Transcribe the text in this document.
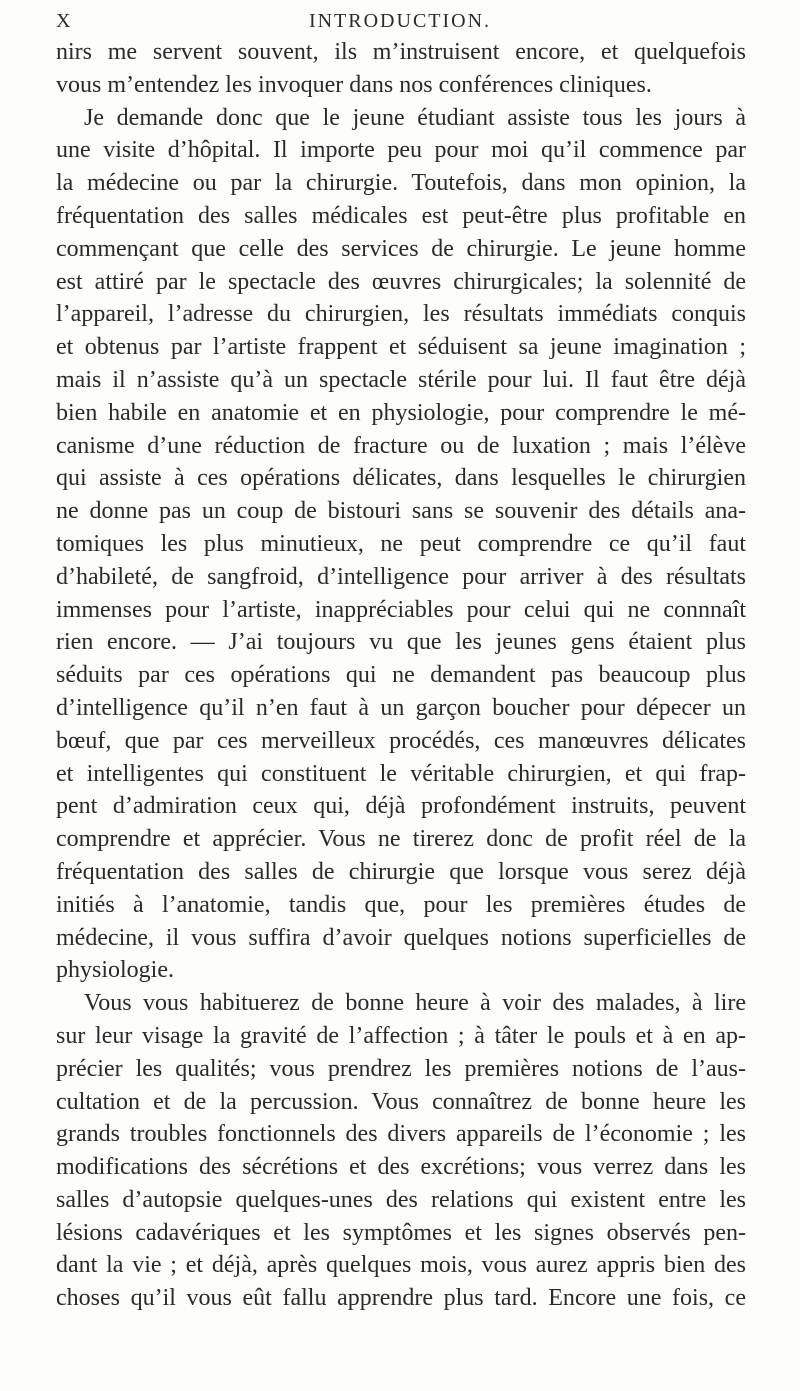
X	INTRODUCTION.
nirs me servent souvent, ils m’instruisent encore, et quelquefois
vous m’entendez les invoquer dans nos conférences cliniques.
Je demande donc que le jeune étudiant assiste tous les jours à
une visite d’hôpital. Il importe peu pour moi qu’il commence par
la médecine ou par la chirurgie. Toutefois, dans mon opinion, la
fréquentation des salles médicales est peut-être plus profitable en
commençant que celle des services de chirurgie. Le jeune homme
est attiré par le spectacle des œuvres chirurgicales; la solennité de
l’appareil, l’adresse du chirurgien, les résultats immédiats conquis
et obtenus par l’artiste frappent et séduisent sa jeune imagination ;
mais il n’assiste qu’à un spectacle stérile pour lui. Il faut être déjà
bien habile en anatomie et en physiologie, pour comprendre le mé-
canisme d’une réduction de fracture ou de luxation ; mais l’élève
qui assiste à ces opérations délicates, dans lesquelles le chirurgien
ne donne pas un coup de bistouri sans se souvenir des détails ana-
tomiques les plus minutieux, ne peut comprendre ce qu’il faut
d’habileté, de sangfroid, d’intelligence pour arriver à des résultats
immenses pour l’artiste, inappréciables pour celui qui ne connnaît
rien encore. — J’ai toujours vu que les jeunes gens étaient plus
séduits par ces opérations qui ne demandent pas beaucoup plus
d’intelligence qu’il n’en faut à un garçon boucher pour dépecer un
bœuf, que par ces merveilleux procédés, ces manœuvres délicates
et intelligentes qui constituent le véritable chirurgien, et qui frap-
pent d’admiration ceux qui, déjà profondément instruits, peuvent
comprendre et apprécier. Vous ne tirerez donc de profit réel de la
fréquentation des salles de chirurgie que lorsque vous serez déjà
initiés à l’anatomie, tandis que, pour les premières études de
médecine, il vous suffira d’avoir quelques notions superficielles de
physiologie.
Vous vous habituerez de bonne heure à voir des malades, à lire
sur leur visage la gravité de l’affection ; à tâter le pouls et à en ap-
précier les qualités; vous prendrez les premières notions de l’aus-
cultation et de la percussion. Vous connaîtrez de bonne heure les
grands troubles fonctionnels des divers appareils de l’économie ; les
modifications des sécrétions et des excrétions; vous verrez dans les
salles d’autopsie quelques-unes des relations qui existent entre les
lésions cadavériques et les symptômes et les signes observés pen-
dant la vie ; et déjà, après quelques mois, vous aurez appris bien des
choses qu’il vous eût fallu apprendre plus tard. Encore une fois, ce
